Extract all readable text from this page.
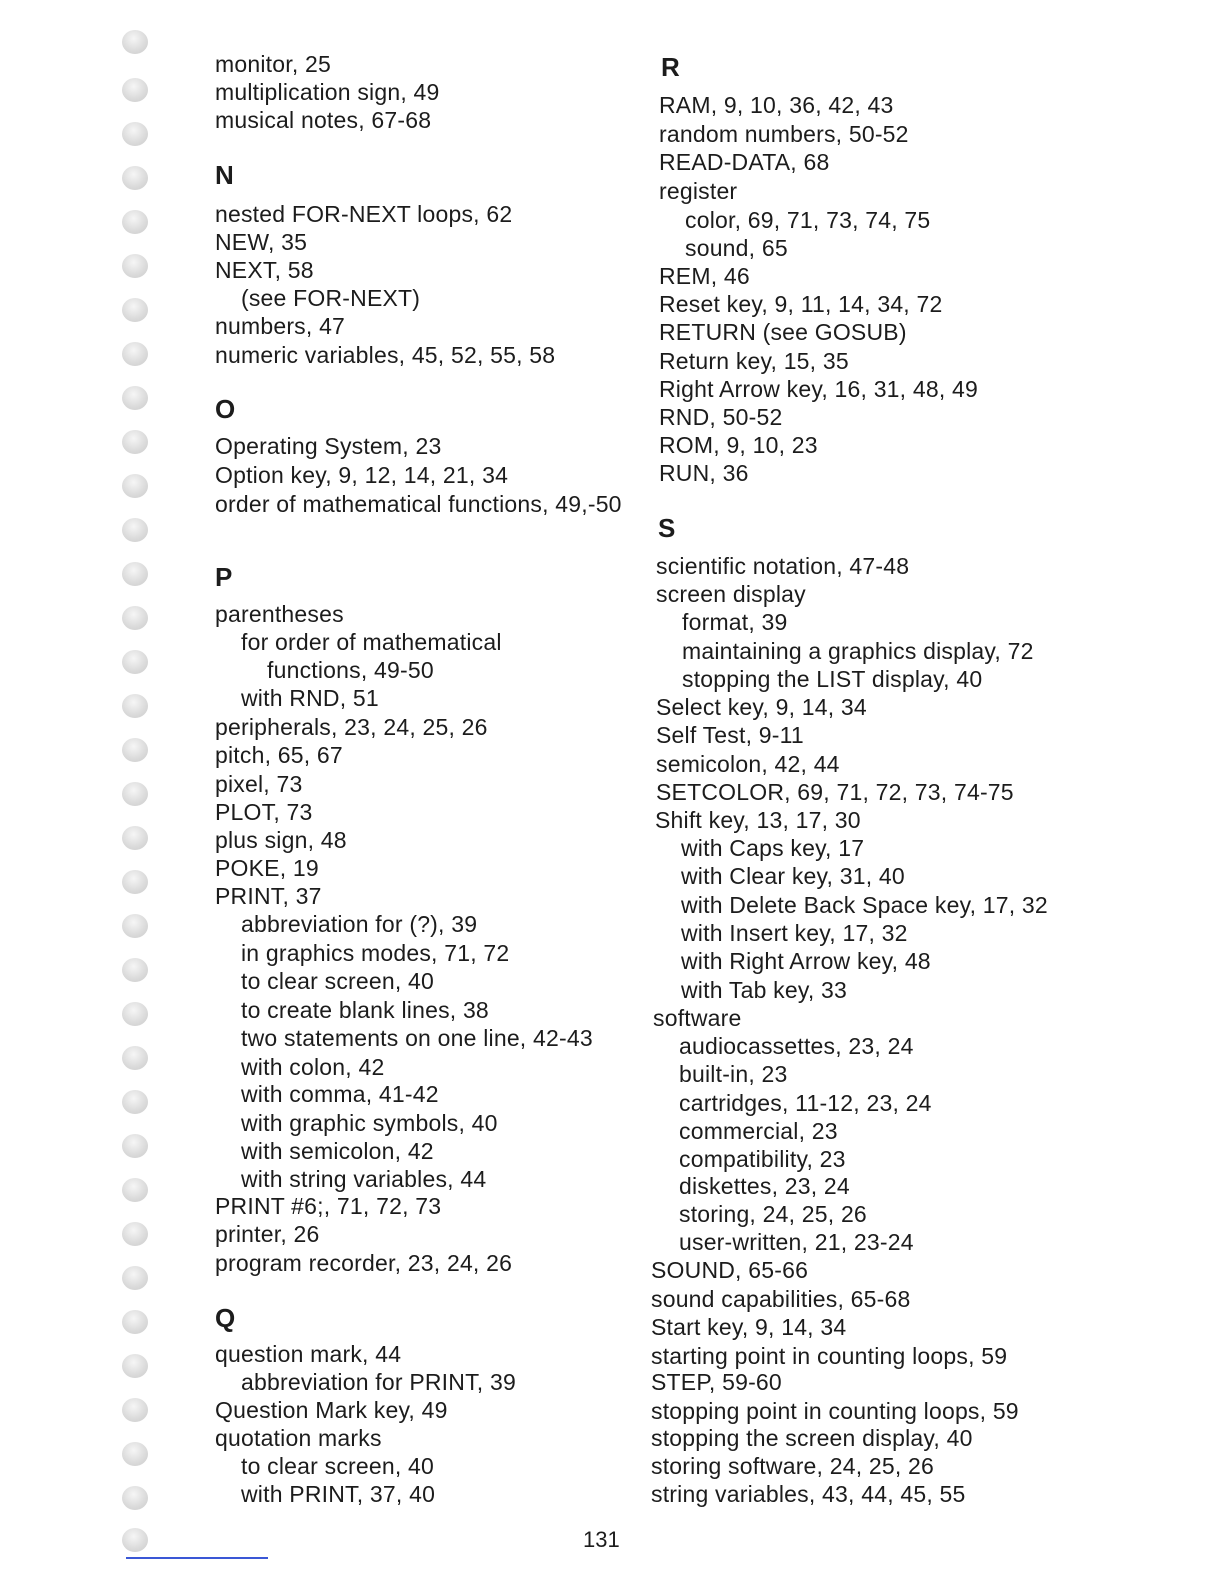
monitor, 25
multiplication sign, 49
musical notes, 67-68
N
nested FOR-NEXT loops, 62
NEW, 35
NEXT, 58
(see FOR-NEXT)
numbers, 47
numeric variables, 45, 52, 55, 58
O
Operating System, 23
Option key, 9, 12, 14, 21, 34
order of mathematical functions, 49,-50
P
parentheses
for order of mathematical
functions, 49-50
with RND, 51
peripherals, 23, 24, 25, 26
pitch, 65, 67
pixel, 73
PLOT, 73
plus sign, 48
POKE, 19
PRINT, 37
abbreviation for (?), 39
in graphics modes, 71, 72
to clear screen, 40
to create blank lines, 38
two statements on one line, 42-43
with colon, 42
with comma, 41-42
with graphic symbols, 40
with semicolon, 42
with string variables, 44
PRINT #6;, 71, 72, 73
printer, 26
program recorder, 23, 24, 26
Q
question mark, 44
abbreviation for PRINT, 39
Question Mark key, 49
quotation marks
to clear screen, 40
with PRINT, 37, 40
R
RAM, 9, 10, 36, 42, 43
random numbers, 50-52
READ-DATA, 68
register
color, 69, 71, 73, 74, 75
sound, 65
REM, 46
Reset key, 9, 11, 14, 34, 72
RETURN (see GOSUB)
Return key, 15, 35
Right Arrow key, 16, 31, 48, 49
RND, 50-52
ROM, 9, 10, 23
RUN, 36
S
scientific notation, 47-48
screen display
format, 39
maintaining a graphics display, 72
stopping the LIST display, 40
Select key, 9, 14, 34
Self Test, 9-11
semicolon, 42, 44
SETCOLOR, 69, 71, 72, 73, 74-75
Shift key, 13, 17, 30
with Caps key, 17
with Clear key, 31, 40
with Delete Back Space key, 17, 32
with Insert key, 17, 32
with Right Arrow key, 48
with Tab key, 33
software
audiocassettes, 23, 24
built-in, 23
cartridges, 11-12, 23, 24
commercial, 23
compatibility, 23
diskettes, 23, 24
storing, 24, 25, 26
user-written, 21, 23-24
SOUND, 65-66
sound capabilities, 65-68
Start key, 9, 14, 34
starting point in counting loops, 59
STEP, 59-60
stopping point in counting loops, 59
stopping the screen display, 40
storing software, 24, 25, 26
string variables, 43, 44, 45, 55
131
